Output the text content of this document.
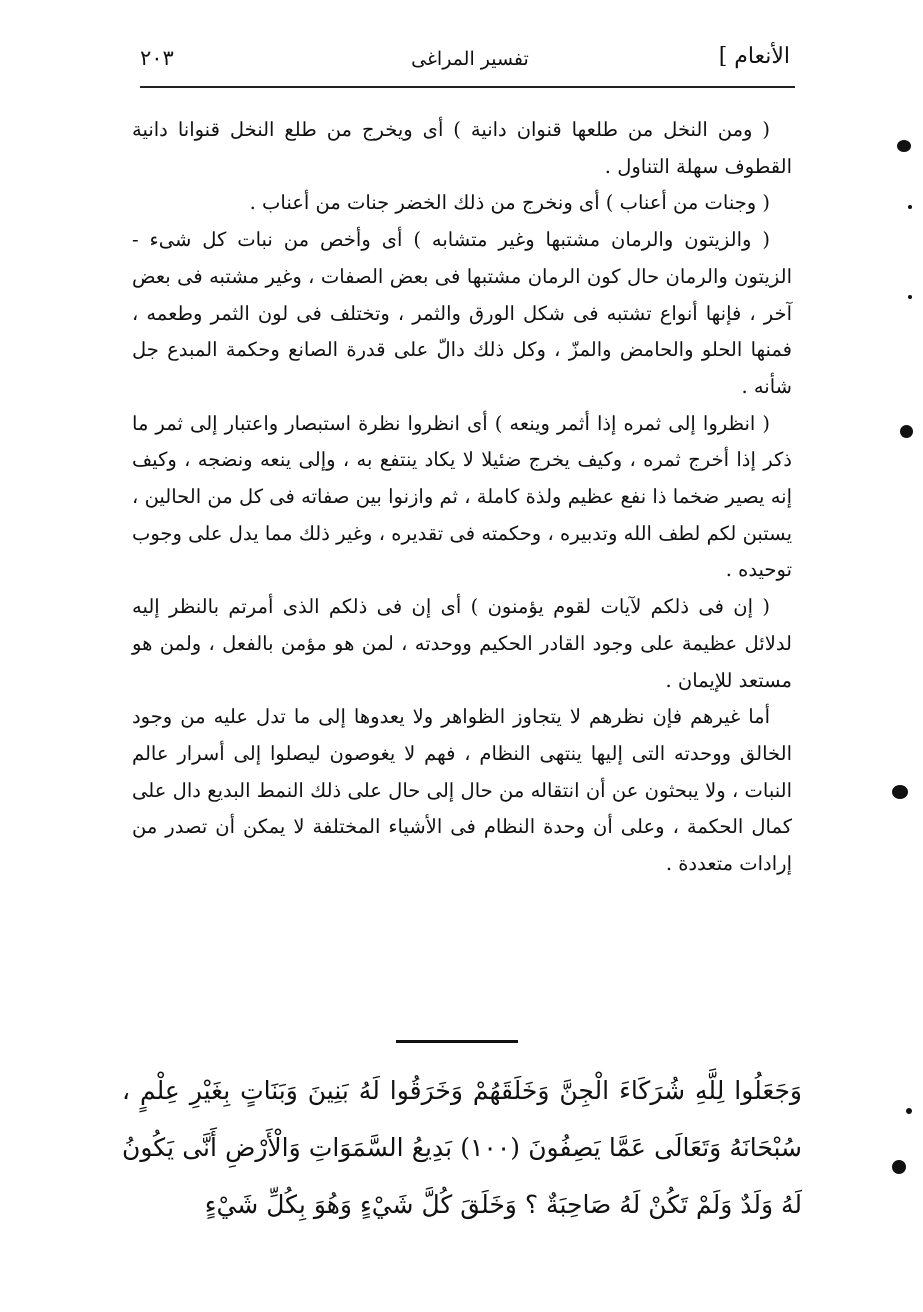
الأنعام ]
تفسير المراغى
٢٠٣

( ومن النخل من طلعها قنوان دانية ) أى ويخرج من طلع النخل قنوانا دانية القطوف سهلة التناول .

( وجنات من أعناب ) أى ونخرج من ذلك الخضر جنات من أعناب .

( والزيتون والرمان مشتبها وغير متشابه ) أى وأخص من نبات كل شىء - الزيتون والرمان حال كون الرمان مشتبها فى بعض الصفات ، وغير مشتبه فى بعض آخر ، فإنها أنواع تشتبه فى شكل الورق والثمر ، وتختلف فى لون الثمر وطعمه ، فمنها الحلو والحامض والمزّ ، وكل ذلك دالّ على قدرة الصانع وحكمة المبدع جل شأنه .

( انظروا إلى ثمره إذا أثمر وينعه ) أى انظروا نظرة استبصار واعتبار إلى ثمر ما ذكر إذا أخرج ثمره ، وكيف يخرج ضئيلا لا يكاد ينتفع به ، وإلى ينعه ونضجه ، وكيف إنه يصير ضخما ذا نفع عظيم ولذة كاملة ، ثم وازنوا بين صفاته فى كل من الحالين ، يستبن لكم لطف الله وتدبيره ، وحكمته فى تقديره ، وغير ذلك مما يدل على وجوب توحيده .

( إن فى ذلكم لآيات لقوم يؤمنون ) أى إن فى ذلكم الذى أمرتم بالنظر إليه لدلائل عظيمة على وجود القادر الحكيم ووحدته ، لمن هو مؤمن بالفعل ، ولمن هو مستعد للإيمان .

أما غيرهم فإن نظرهم لا يتجاوز الظواهر ولا يعدوها إلى ما تدل عليه من وجود الخالق ووحدته التى إليها ينتهى النظام ، فهم لا يغوصون ليصلوا إلى أسرار عالم النبات ، ولا يبحثون عن أن انتقاله من حال إلى حال على ذلك النمط البديع دال على كمال الحكمة ، وعلى أن وحدة النظام فى الأشياء المختلفة لا يمكن أن تصدر من إرادات متعددة .

وَجَعَلُوا لِلَّهِ شُرَكَاءَ الْجِنَّ وَخَلَقَهُمْ وَخَرَقُوا لَهُ بَنِينَ وَبَنَاتٍ بِغَيْرِ عِلْمٍ ، سُبْحَانَهُ وَتَعَالَى عَمَّا يَصِفُونَ (١٠٠) بَدِيعُ السَّمَوَاتِ وَالْأَرْضِ أَنَّى يَكُونُ لَهُ وَلَدٌ وَلَمْ تَكُنْ لَهُ صَاحِبَةٌ ؟ وَخَلَقَ كُلَّ شَيْءٍ وَهُوَ بِكُلِّ شَيْءٍ
